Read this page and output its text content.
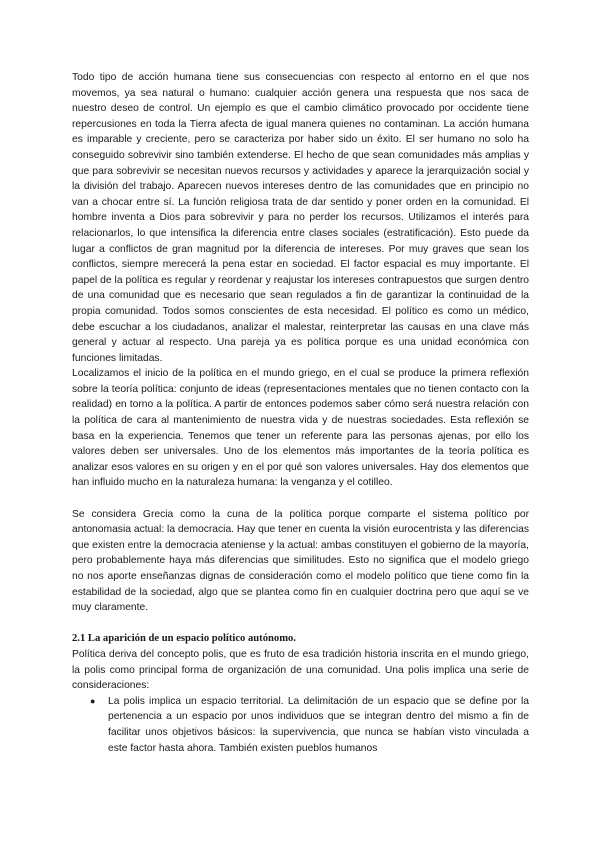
Todo tipo de acción humana tiene sus consecuencias con respecto al entorno en el que nos movemos, ya sea natural o humano: cualquier acción genera una respuesta que nos saca de nuestro deseo de control. Un ejemplo es que el cambio climático provocado por occidente tiene repercusiones en toda la Tierra afecta de igual manera quienes no contaminan. La acción humana es imparable y creciente, pero se caracteriza por haber sido un éxito. El ser humano no solo ha conseguido sobrevivir sino también extenderse. El hecho de que sean comunidades más amplias y que para sobrevivir se necesitan nuevos recursos y actividades y aparece la jerarquización social y la división del trabajo. Aparecen nuevos intereses dentro de las comunidades que en principio no van a chocar entre sí. La función religiosa trata de dar sentido y poner orden en la comunidad. El hombre inventa a Dios para sobrevivir y para no perder los recursos. Utilizamos el interés para relacionarlos, lo que intensifica la diferencia entre clases sociales (estratificación). Esto puede da lugar a conflictos de gran magnitud por la diferencia de intereses. Por muy graves que sean los conflictos, siempre merecerá la pena estar en sociedad. El factor espacial es muy importante. El papel de la política es regular y reordenar y reajustar los intereses contrapuestos que surgen dentro de una comunidad que es necesario que sean regulados a fin de garantizar la continuidad de la propia comunidad. Todos somos conscientes de esta necesidad. El político es como un médico, debe escuchar a los ciudadanos, analizar el malestar, reinterpretar las causas en una clave más general y actuar al respecto. Una pareja ya es política porque es una unidad económica con funciones limitadas.

Localizamos el inicio de la política en el mundo griego, en el cual se produce la primera reflexión sobre la teoría política: conjunto de ideas (representaciones mentales que no tienen contacto con la realidad) en torno a la política. A partir de entonces podemos saber cómo será nuestra relación con la política de cara al mantenimiento de nuestra vida y de nuestras sociedades. Esta reflexión se basa en la experiencia. Tenemos que tener un referente para las personas ajenas, por ello los valores deben ser universales. Uno de los elementos más importantes de la teoría política es analizar esos valores en su origen y en el por qué son valores universales. Hay dos elementos que han influido mucho en la naturaleza humana: la venganza y el cotilleo.

Se considera Grecia como la cuna de la política porque comparte el sistema político por antonomasia actual: la democracia. Hay que tener en cuenta la visión eurocentrista y las diferencias que existen entre la democracia ateniense y la actual: ambas constituyen el gobierno de la mayoría, pero probablemente haya más diferencias que similitudes. Esto no significa que el modelo griego no nos aporte enseñanzas dignas de consideración como el modelo político que tiene como fin la estabilidad de la sociedad, algo que se plantea como fin en cualquier doctrina pero que aquí se ve muy claramente.

2.1 La aparición de un espacio político autónomo.

Política deriva del concepto polis, que es fruto de esa tradición historia inscrita en el mundo griego, la polis como principal forma de organización de una comunidad. Una polis implica una serie de consideraciones:

● La polis implica un espacio territorial. La delimitación de un espacio que se define por la pertenencia a un espacio por unos individuos que se integran dentro del mismo a fin de facilitar unos objetivos básicos: la supervivencia, que nunca se habían visto vinculada a este factor hasta ahora. También existen pueblos humanos
